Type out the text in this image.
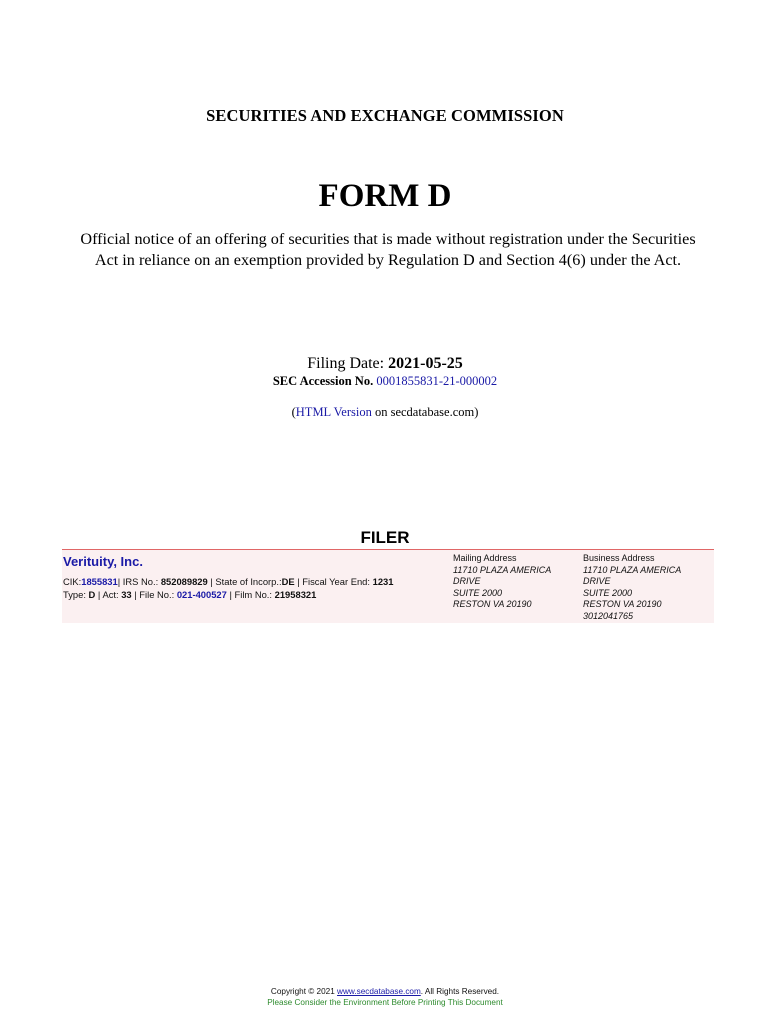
SECURITIES AND EXCHANGE COMMISSION
FORM D
Official notice of an offering of securities that is made without registration under the Securities
Act in reliance on an exemption provided by Regulation D and Section 4(6) under the Act.
Filing Date: 2021-05-25
SEC Accession No. 0001855831-21-000002
(HTML Version on secdatabase.com)
FILER
Verituity, Inc.
CIK:1855831| IRS No.: 852089829 | State of Incorp.:DE | Fiscal Year End: 1231
Type: D | Act: 33 | File No.: 021-400527 | Film No.: 21958321
Mailing Address
11710 PLAZA AMERICA
DRIVE
SUITE 2000
RESTON VA 20190
Business Address
11710 PLAZA AMERICA
DRIVE
SUITE 2000
RESTON VA 20190
3012041765
Copyright © 2021 www.secdatabase.com. All Rights Reserved.
Please Consider the Environment Before Printing This Document
